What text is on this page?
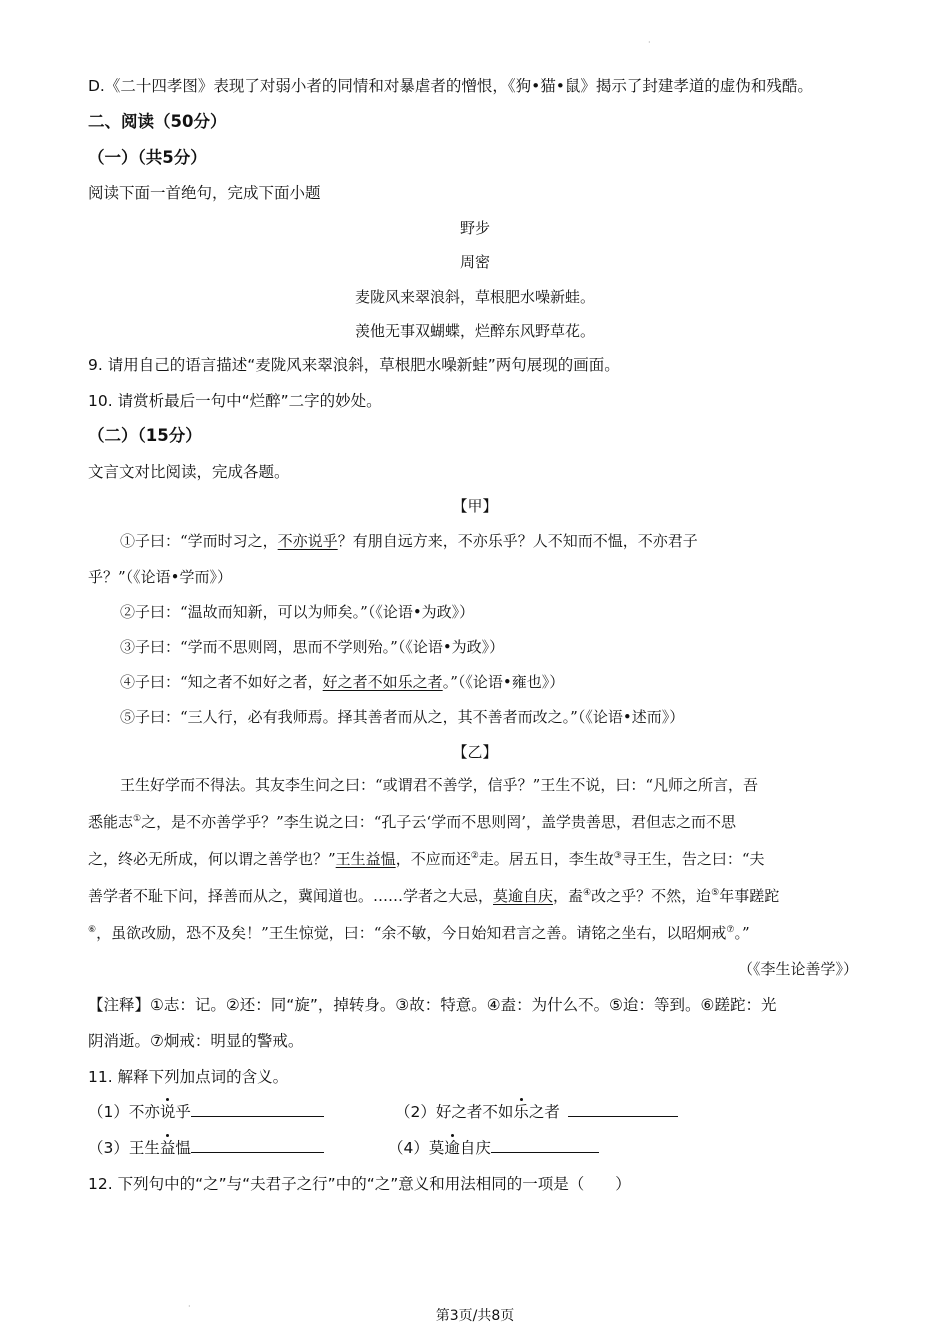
·
D.《二十四孝图》表现了对弱小者的同情和对暴虐者的憎恨，《狗•猫•鼠》揭示了封建孝道的虚伪和残酷。
二、阅读（50分）
（一）（共5分）
阅读下面一首绝句，完成下面小题
野步
周密
麦陇风来翠浪斜，草根肥水噪新蛙。
羡他无事双蝴蝶，烂醉东风野草花。
9. 请用自己的语言描述“麦陇风来翠浪斜，草根肥水噪新蛙”两句展现的画面。
10. 请赏析最后一句中“烂醉”二字的妙处。
（二）（15分）
文言文对比阅读，完成各题。
【甲】
①子曰：“学而时习之，不亦说乎？有朋自远方来，不亦乐乎？人不知而不愠，不亦君子
乎？”（《论语•学而》）
②子曰：“温故而知新，可以为师矣。”（《论语•为政》）
③子曰：“学而不思则罔，思而不学则殆。”（《论语•为政》）
④子曰：“知之者不如好之者，好之者不如乐之者。”（《论语•雍也》）
⑤子曰：“三人行，必有我师焉。择其善者而从之，其不善者而改之。”（《论语•述而》）
【乙】
王生好学而不得法。其友李生问之曰：“或谓君不善学，信乎？”王生不说，曰：“凡师之所言，吾
悉能志①之，是不亦善学乎？”李生说之曰：“孔子云‘学而不思则罔’，盖学贵善思，君但志之而不思
之，终必无所成，何以谓之善学也？”王生益愠，不应而还②走。居五日，李生故③寻王生，告之曰：“夫
善学者不耻下问，择善而从之，冀闻道也。……学者之大忌，莫逾自庆，盍④改之乎？不然，迨⑤年事蹉跎
⑥，虽欲改励，恐不及矣！”王生惊觉，曰：“余不敏，今日始知君言之善。请铭之坐右，以昭炯戒⑦。”
（《李生论善学》）
【注释】①志：记。②还：同“旋”，掉转身。③故：特意。④盍：为什么不。⑤迨：等到。⑥蹉跎：光
阴消逝。⑦炯戒：明显的警戒。
11. 解释下列加点词的含义。
（1）不亦说乎	（2）好之者不如乐之者
（3）王生益愠	（4）莫逾自庆
12. 下列句中的“之”与“夫君子之行”中的“之”意义和用法相同的一项是（　　）
·
第3页/共8页
